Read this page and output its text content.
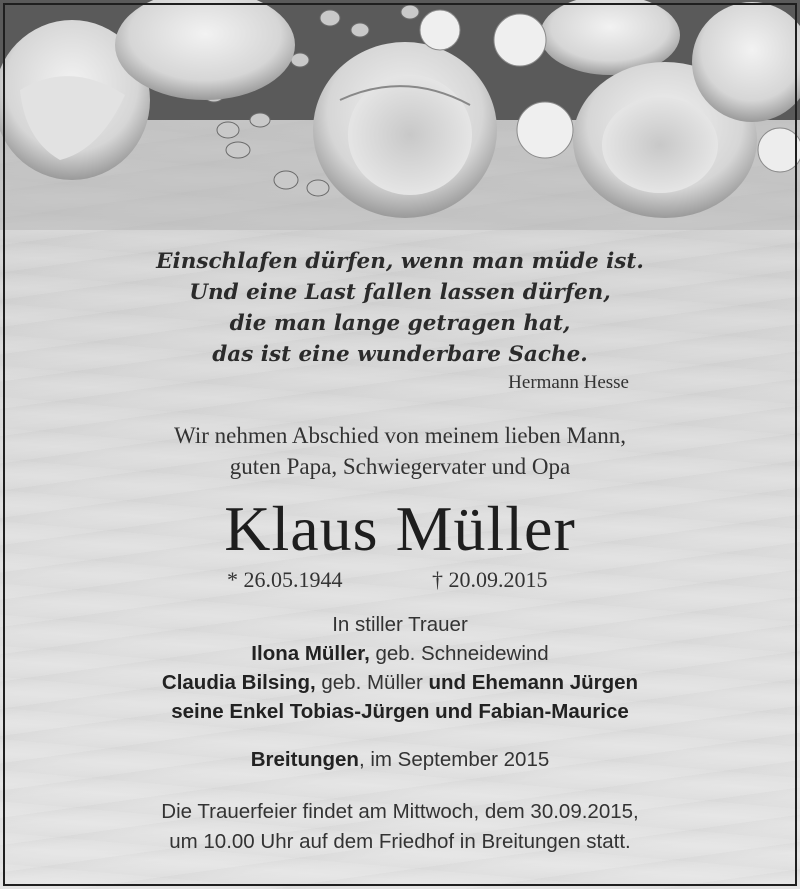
Einschlafen dürfen, wenn man müde ist.
Und eine Last fallen lassen dürfen,
die man lange getragen hat,
das ist eine wunderbare Sache.
Hermann Hesse
Wir nehmen Abschied von meinem lieben Mann,
guten Papa, Schwiegervater und Opa
Klaus Müller
* 26.05.1944	† 20.09.2015
In stiller Trauer
Ilona Müller, geb. Schneidewind
Claudia Bilsing, geb. Müller und Ehemann Jürgen
seine Enkel Tobias-Jürgen und Fabian-Maurice
Breitungen, im September 2015
Die Trauerfeier findet am Mittwoch, dem 30.09.2015,
um 10.00 Uhr auf dem Friedhof in Breitungen statt.
